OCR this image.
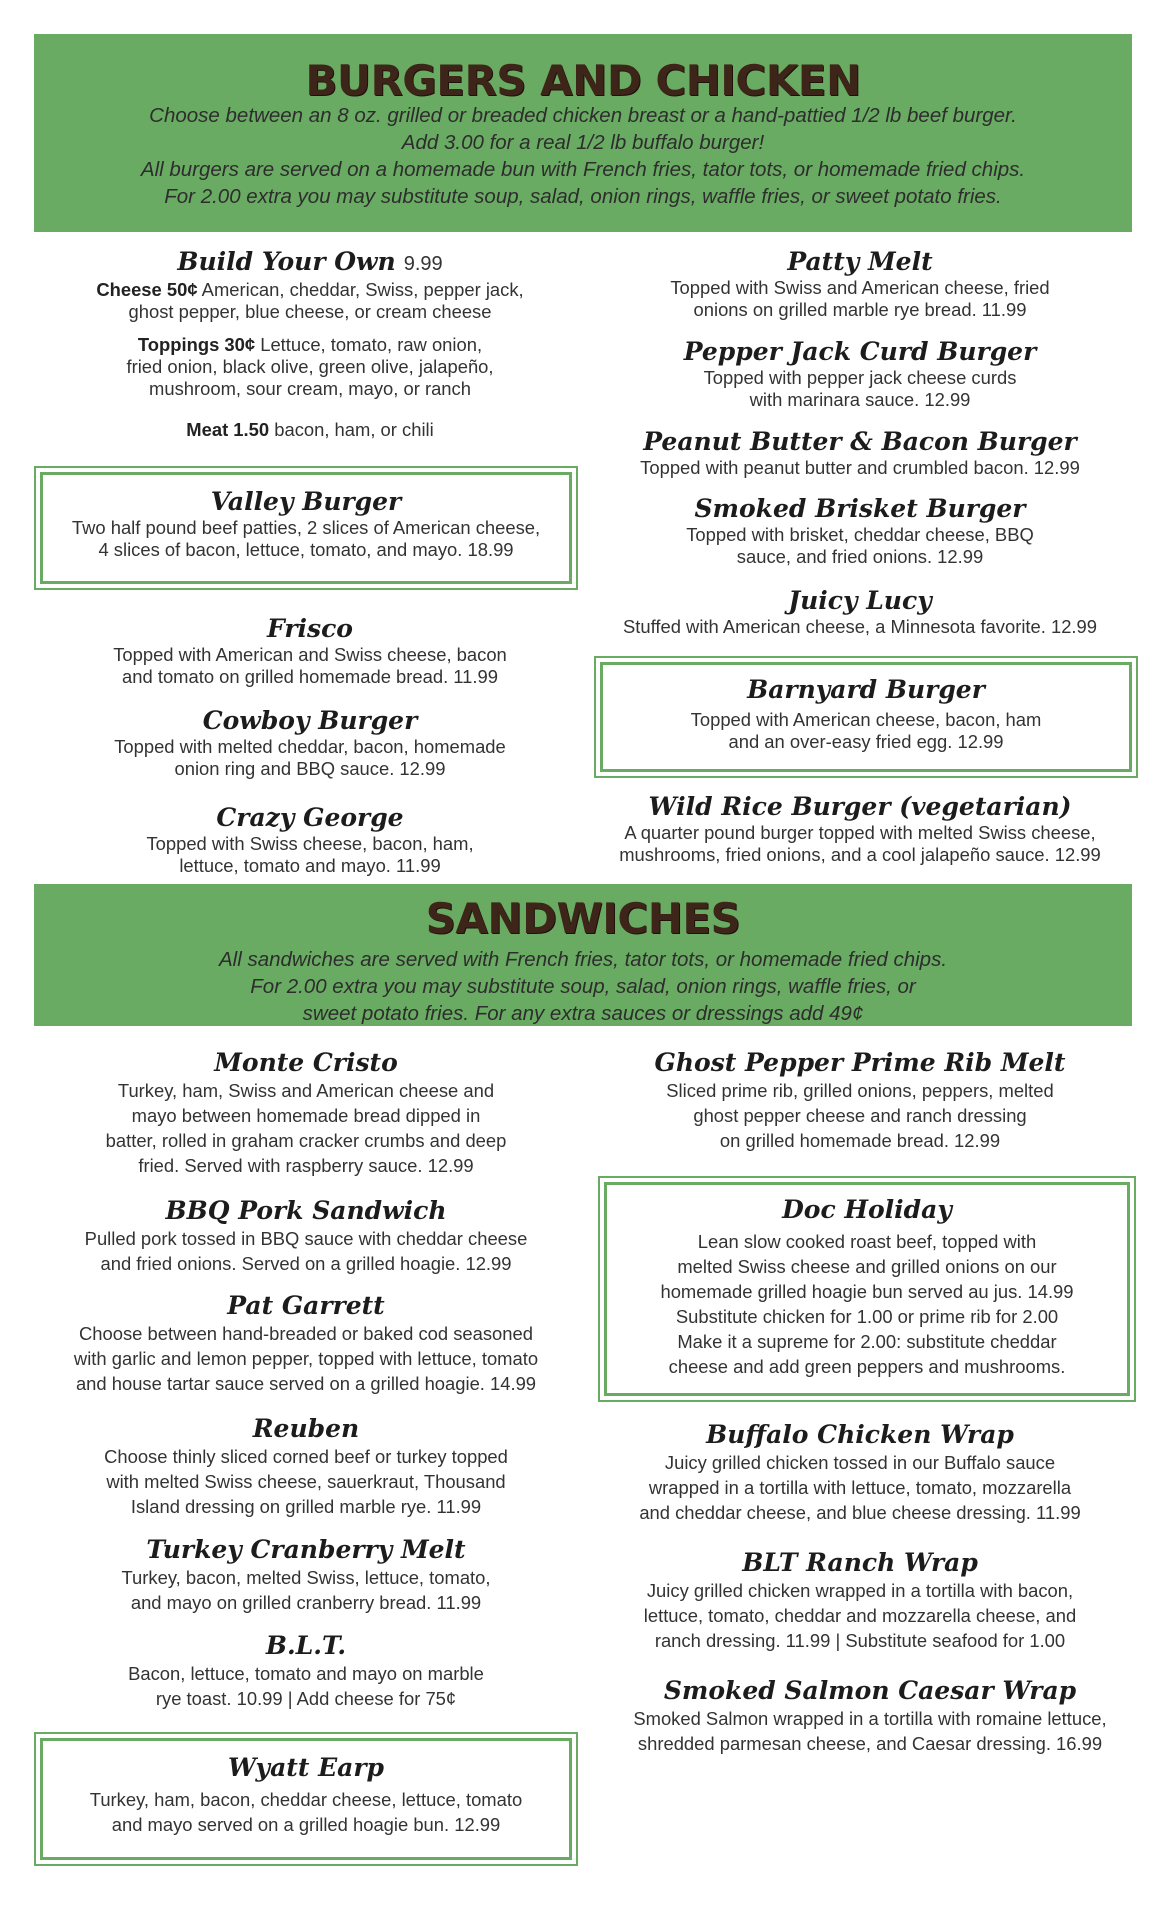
BURGERS AND CHICKEN
Choose between an 8 oz. grilled or breaded chicken breast or a hand-pattied 1/2 lb beef burger.
Add 3.00 for a real 1/2 lb buffalo burger!
All burgers are served on a homemade bun with French fries, tator tots, or homemade fried chips.
For 2.00 extra you may substitute soup, salad, onion rings, waffle fries, or sweet potato fries.
Build Your Own 9.99
Cheese 50¢ American, cheddar, Swiss, pepper jack,
ghost pepper, blue cheese, or cream cheese
Toppings 30¢ Lettuce, tomato, raw onion,
fried onion, black olive, green olive, jalapeño,
mushroom, sour cream, mayo, or ranch
Meat 1.50 bacon, ham, or chili
Valley Burger
Two half pound beef patties, 2 slices of American cheese,
4 slices of bacon, lettuce, tomato, and mayo. 18.99
Frisco
Topped with American and Swiss cheese, bacon
and tomato on grilled homemade bread. 11.99
Cowboy Burger
Topped with melted cheddar, bacon, homemade
onion ring and BBQ sauce. 12.99
Crazy George
Topped with Swiss cheese, bacon, ham,
lettuce, tomato and mayo. 11.99
Patty Melt
Topped with Swiss and American cheese, fried
onions on grilled marble rye bread. 11.99
Pepper Jack Curd Burger
Topped with pepper jack cheese curds
with marinara sauce. 12.99
Peanut Butter & Bacon Burger
Topped with peanut butter and crumbled bacon. 12.99
Smoked Brisket Burger
Topped with brisket, cheddar cheese, BBQ
sauce, and fried onions. 12.99
Juicy Lucy
Stuffed with American cheese, a Minnesota favorite. 12.99
Barnyard Burger
Topped with American cheese, bacon, ham
and an over-easy fried egg. 12.99
Wild Rice Burger (vegetarian)
A quarter pound burger topped with melted Swiss cheese,
mushrooms, fried onions, and a cool jalapeño sauce. 12.99
SANDWICHES
All sandwiches are served with French fries, tator tots, or homemade fried chips.
For 2.00 extra you may substitute soup, salad, onion rings, waffle fries, or
sweet potato fries. For any extra sauces or dressings add 49¢
Monte Cristo
Turkey, ham, Swiss and American cheese and
mayo between homemade bread dipped in
batter, rolled in graham cracker crumbs and deep
fried. Served with raspberry sauce. 12.99
BBQ Pork Sandwich
Pulled pork tossed in BBQ sauce with cheddar cheese
and fried onions. Served on a grilled hoagie. 12.99
Pat Garrett
Choose between hand-breaded or baked cod seasoned
with garlic and lemon pepper, topped with lettuce, tomato
and house tartar sauce served on a grilled hoagie. 14.99
Reuben
Choose thinly sliced corned beef or turkey topped
with melted Swiss cheese, sauerkraut, Thousand
Island dressing on grilled marble rye. 11.99
Turkey Cranberry Melt
Turkey, bacon, melted Swiss, lettuce, tomato,
and mayo on grilled cranberry bread. 11.99
B.L.T.
Bacon, lettuce, tomato and mayo on marble
rye toast. 10.99 | Add cheese for 75¢
Wyatt Earp
Turkey, ham, bacon, cheddar cheese, lettuce, tomato
and mayo served on a grilled hoagie bun. 12.99
Ghost Pepper Prime Rib Melt
Sliced prime rib, grilled onions, peppers, melted
ghost pepper cheese and ranch dressing
on grilled homemade bread. 12.99
Doc Holiday
Lean slow cooked roast beef, topped with
melted Swiss cheese and grilled onions on our
homemade grilled hoagie bun served au jus. 14.99
Substitute chicken for 1.00 or prime rib for 2.00
Make it a supreme for 2.00: substitute cheddar
cheese and add green peppers and mushrooms.
Buffalo Chicken Wrap
Juicy grilled chicken tossed in our Buffalo sauce
wrapped in a tortilla with lettuce, tomato, mozzarella
and cheddar cheese, and blue cheese dressing. 11.99
BLT Ranch Wrap
Juicy grilled chicken wrapped in a tortilla with bacon,
lettuce, tomato, cheddar and mozzarella cheese, and
ranch dressing. 11.99 | Substitute seafood for 1.00
Smoked Salmon Caesar Wrap
Smoked Salmon wrapped in a tortilla with romaine lettuce,
shredded parmesan cheese, and Caesar dressing. 16.99
